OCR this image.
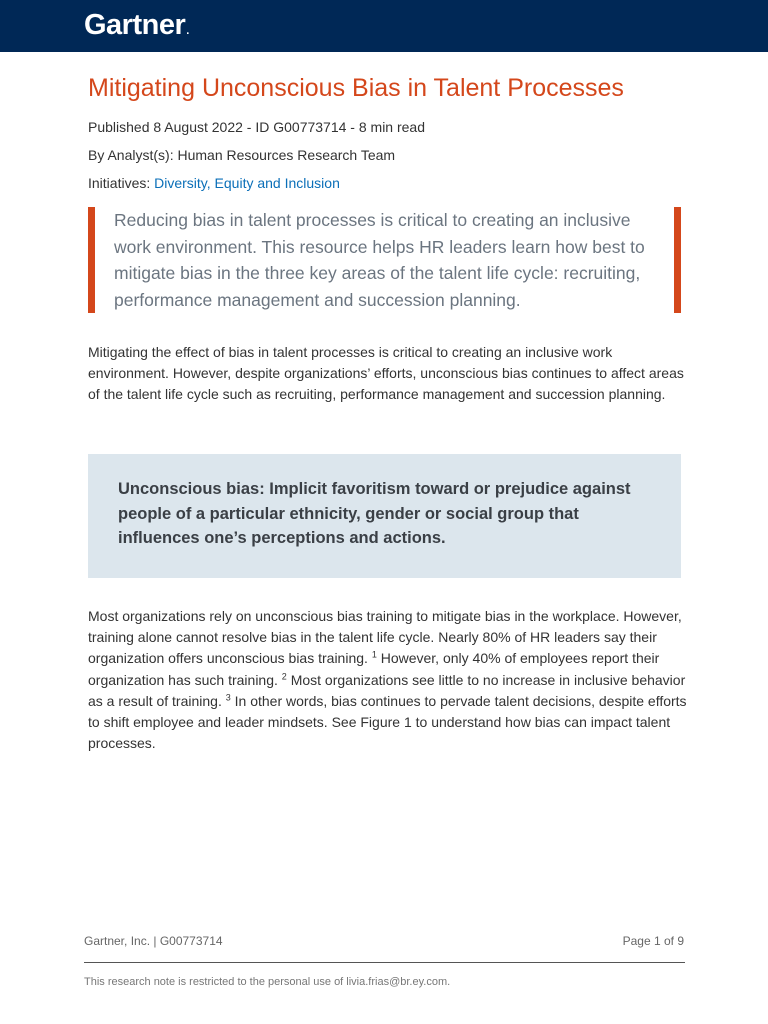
Gartner.
Mitigating Unconscious Bias in Talent Processes
Published 8 August 2022 - ID G00773714 - 8 min read
By Analyst(s): Human Resources Research Team
Initiatives: Diversity, Equity and Inclusion
Reducing bias in talent processes is critical to creating an inclusive work environment. This resource helps HR leaders learn how best to mitigate bias in the three key areas of the talent life cycle: recruiting, performance management and succession planning.

Mitigating the effect of bias in talent processes is critical to creating an inclusive work environment. However, despite organizations’ efforts, unconscious bias continues to affect areas of the talent life cycle such as recruiting, performance management and succession planning.

Unconscious bias: Implicit favoritism toward or prejudice against people of a particular ethnicity, gender or social group that influences one’s perceptions and actions.

Most organizations rely on unconscious bias training to mitigate bias in the workplace. However, training alone cannot resolve bias in the talent life cycle. Nearly 80% of HR leaders say their organization offers unconscious bias training. $^1$ However, only 40% of employees report their organization has such training. $^2$ Most organizations see little to no increase in inclusive behavior as a result of training. $^3$ In other words, bias continues to pervade talent decisions, despite efforts to shift employee and leader mindsets. See Figure 1 to understand how bias can impact talent processes.

Gartner, Inc. | G00773714	Page 1 of 9
This research note is restricted to the personal use of livia.frias@br.ey.com.
